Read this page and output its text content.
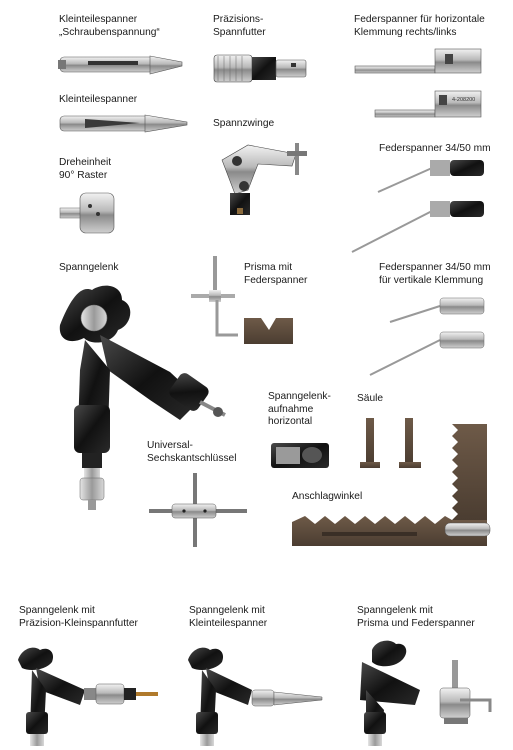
Kleinteilespanner
„Schraubenspannung“
Präzisions-
Spannfutter
Federspanner für horizontale
Klemmung rechts/links
Kleinteilespanner
Spannzwinge
Federspanner 34/50 mm
Dreheinheit
90° Raster
Spanngelenk	Prisma mit
Federspanner
Federspanner 34/50 mm
für vertikale Klemmung
Spanngelenk-
aufnahme
horizontal
Säule
Universal-
Sechskantschlüssel
Anschlagwinkel
Spanngelenk mit
Präzision-Kleinspannfutter
Spanngelenk mit
Kleinteilespanner
Spanngelenk mit
Prisma und Federspanner
4-208200
